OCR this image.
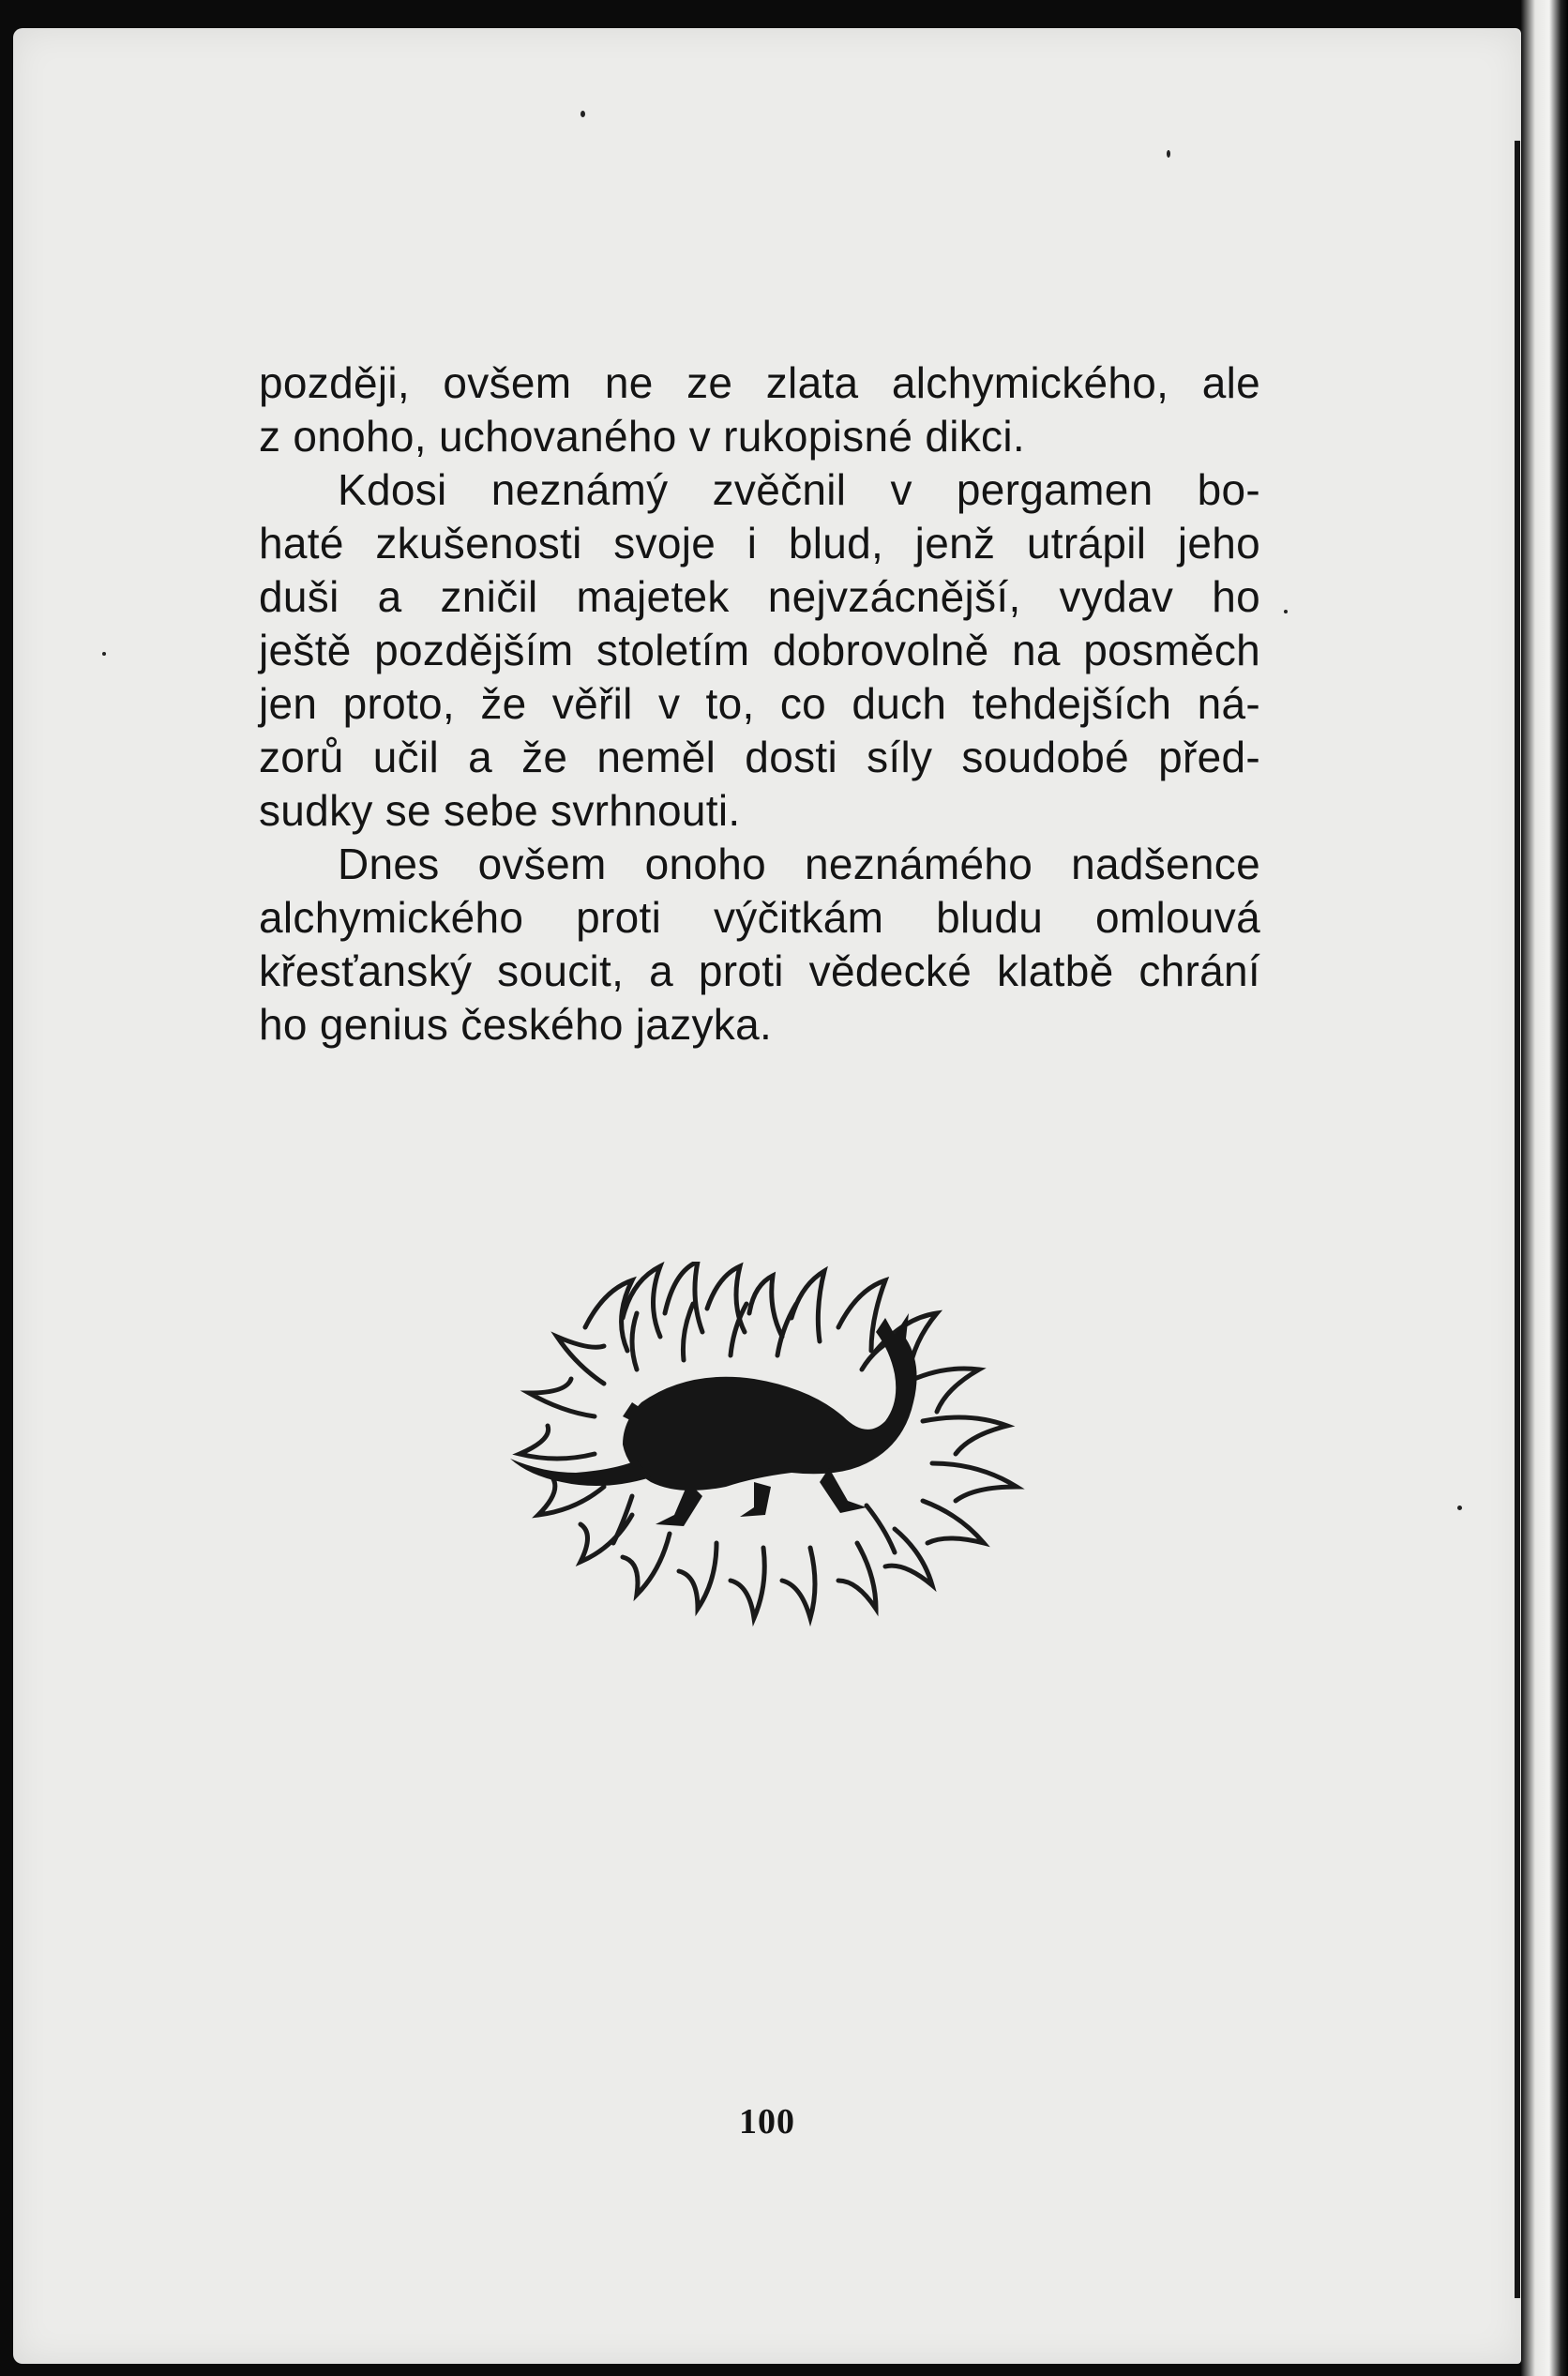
později, ovšem ne ze zlata alchymického, ale
z onoho, uchovaného v rukopisné dikci.

Kdosi neznámý zvěčnil v pergamen bo-
haté zkušenosti svoje i blud, jenž utrápil jeho
duši a zničil majetek nejvzácnější, vydav ho
ještě pozdějším stoletím dobrovolně na posměch
jen proto, že věřil v to, co duch tehdejších ná-
zorů učil a že neměl dosti síly soudobé před-
sudky se sebe svrhnouti.

Dnes ovšem onoho neznámého nadšence
alchymického proti výčitkám bludu omlouvá
křesťanský soucit, a proti vědecké klatbě chrání
ho genius českého jazyka.

100
